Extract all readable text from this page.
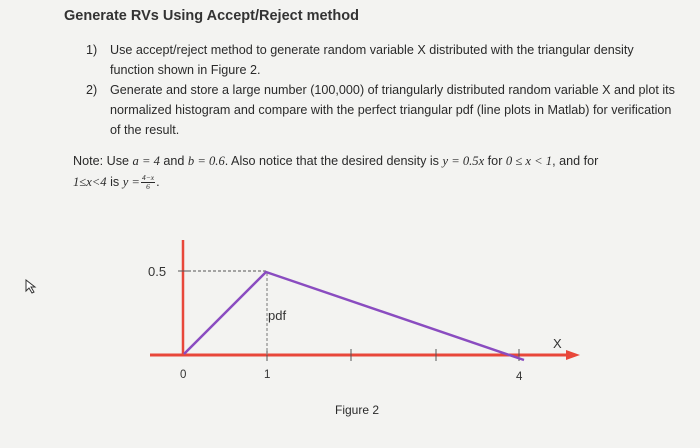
Generate RVs Using Accept/Reject method
1) Use accept/reject method to generate random variable X distributed with the triangular density function shown in Figure 2.
2) Generate and store a large number (100,000) of triangularly distributed random variable X and plot its normalized histogram and compare with the perfect triangular pdf (line plots in Matlab) for verification of the result.
Note: Use a = 4 and b = 0.6. Also notice that the desired density is y = 0.5x for 0 ≤ x < 1, and for
1≤x<4 is $y = \frac{4-x}{6}$ .
0.5
0	1	4
pdf
X
Figure 2
